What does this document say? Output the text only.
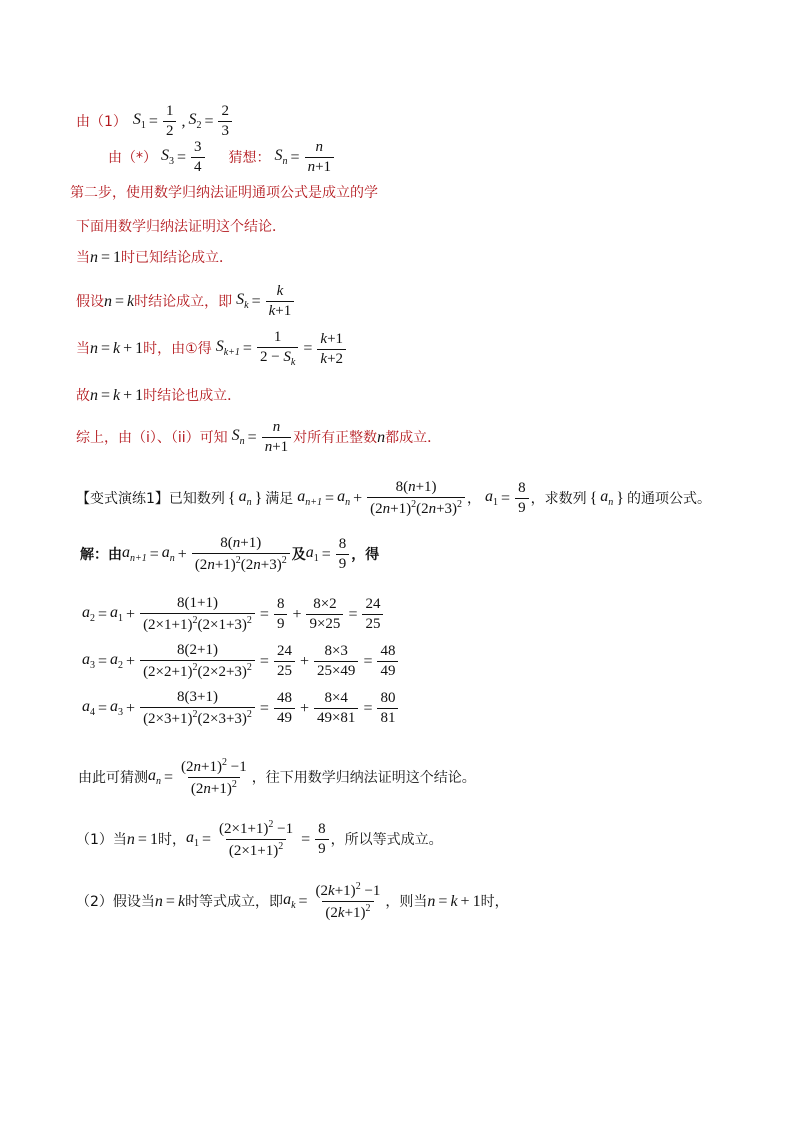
由（1） $S_1 = \frac{1}{2}$ , $S_2 = \frac{2}{3}$
由（*） $S_3 = \frac{3}{4}$ 猜想： $S_n = \frac{n}{n+1}$
第二步，使用数学归纳法证明通项公式是成立的学
下面用数学归纳法证明这个结论．
当 n = 1 时已知结论成立．
假设 n = k 时结论成立，即 $S_k = \frac{k}{k+1}$
当 n = k + 1 时，由①得 $S_{k+1} = \frac{1}{2 - S_k} = \frac{k+1}{k+2}$
故 n = k + 1 时结论也成立．
综上，由（i）、（ii）可知 $S_n = \frac{n}{n+1}$ 对所有正整数 n 都成立．
【变式演练1】已知数列 { $a_n$ } 满足 $a_{n+1} = a_n + \frac{8(n+1)}{(2n+1)^2(2n+3)^2}$ ， $a_1 = \frac{8}{9}$ ，求数列 { $a_n$ } 的通项公式。
解：由 $a_{n+1} = a_n + \frac{8(n+1)}{(2n+1)^2(2n+3)^2}$ 及 $a_1 = \frac{8}{9}$ ，得
$a_2 = a_1 + \frac{8(1+1)}{(2\times 1+1)^2(2\times 1+3)^2} = \frac{8}{9} + \frac{8\times 2}{9\times 25} = \frac{24}{25}$
$a_3 = a_2 + \frac{8(2+1)}{(2\times 2+1)^2(2\times 2+3)^2} = \frac{24}{25} + \frac{8\times 3}{25\times 49} = \frac{48}{49}$
$a_4 = a_3 + \frac{8(3+1)}{(2\times 3+1)^2(2\times 3+3)^2} = \frac{48}{49} + \frac{8\times 4}{49\times 81} = \frac{80}{81}$
由此可猜测 $a_n = \frac{(2n+1)^2 -1}{(2n+1)^2}$ ，往下用数学归纳法证明这个结论。
（1）当 n = 1 时， $a_1 = \frac{(2\times 1+1)^2 -1}{(2\times 1+1)^2} = \frac{8}{9}$ ，所以等式成立。
（2）假设当 n = k 时等式成立，即 $a_k = \frac{(2k+1)^2 -1}{(2k+1)^2}$ ，则当 n = k + 1 时，
